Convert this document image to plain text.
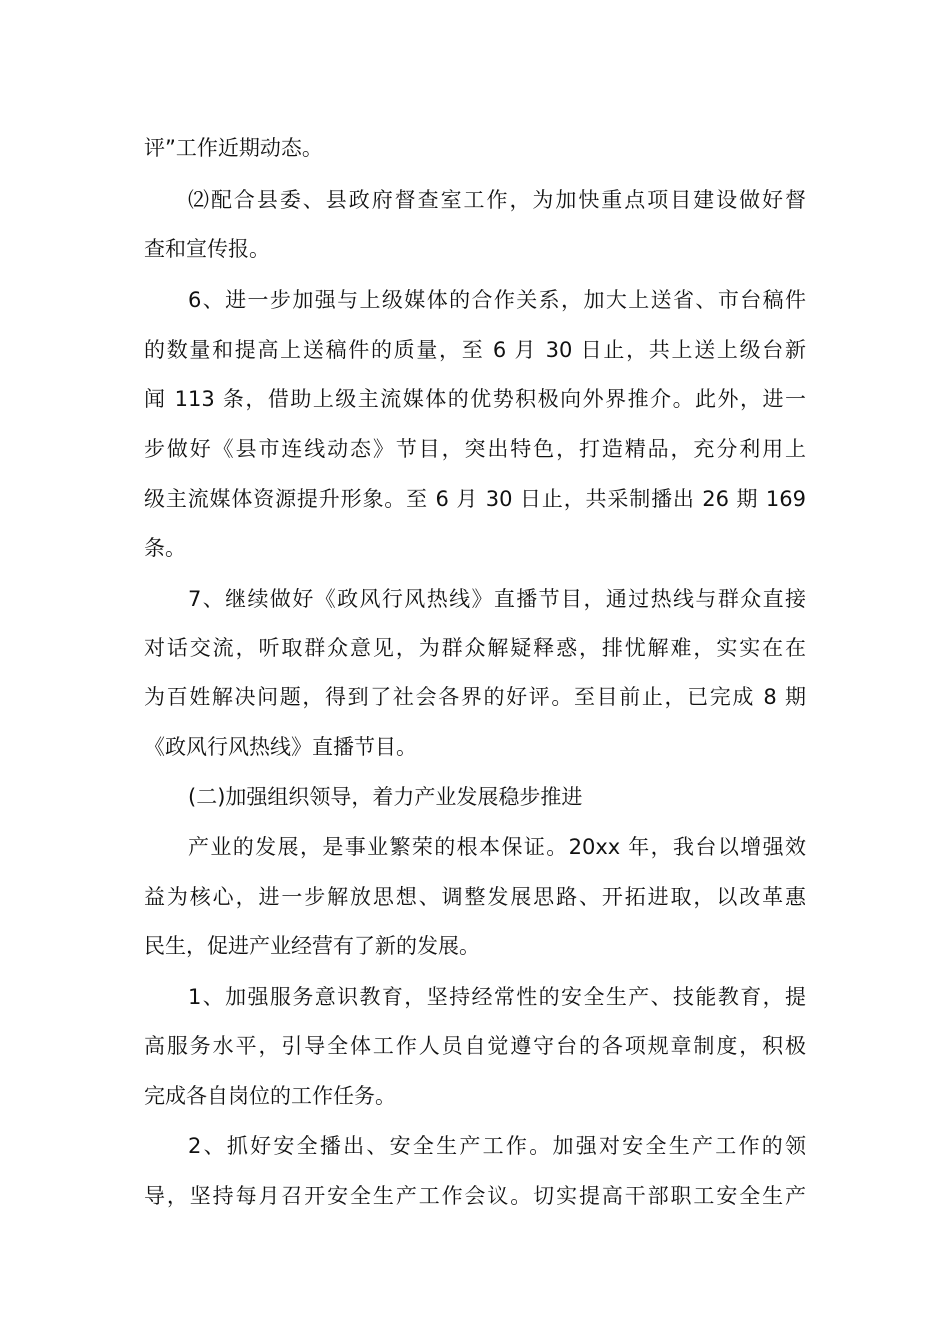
评”工作近期动态。
⑵配合县委、县政府督查室工作，为加快重点项目建设做好督
查和宣传报。
6、进一步加强与上级媒体的合作关系，加大上送省、市台稿件
的数量和提高上送稿件的质量，至 6 月 30 日止，共上送上级台新
闻 113 条，借助上级主流媒体的优势积极向外界推介。此外，进一
步做好《县市连线动态》节目，突出特色，打造精品，充分利用上
级主流媒体资源提升形象。至 6 月 30 日止，共采制播出 26 期 169
条。
7、继续做好《政风行风热线》直播节目，通过热线与群众直接
对话交流，听取群众意见，为群众解疑释惑，排忧解难，实实在在
为百姓解决问题，得到了社会各界的好评。至目前止，已完成 8 期
《政风行风热线》直播节目。
(二)加强组织领导，着力产业发展稳步推进
产业的发展，是事业繁荣的根本保证。20xx 年，我台以增强效
益为核心，进一步解放思想、调整发展思路、开拓进取，以改革惠
民生，促进产业经营有了新的发展。
1、加强服务意识教育，坚持经常性的安全生产、技能教育，提
高服务水平，引导全体工作人员自觉遵守台的各项规章制度，积极
完成各自岗位的工作任务。
2、抓好安全播出、安全生产工作。加强对安全生产工作的领
导，坚持每月召开安全生产工作会议。切实提高干部职工安全生产
